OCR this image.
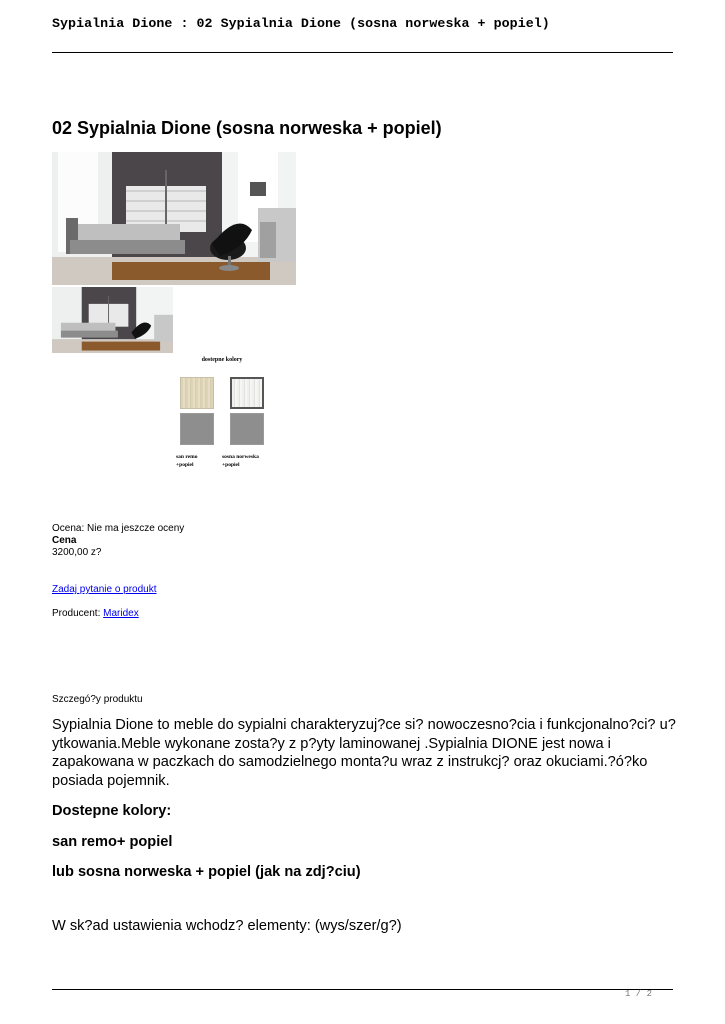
Sypialnia Dione : 02 Sypialnia Dione (sosna norweska + popiel)
02 Sypialnia Dione (sosna norweska + popiel)
dostepne kolory
san remo
+popiel
sosna norweska
+popiel
Ocena: Nie ma jeszcze oceny
Cena
3200,00 z?
Zadaj pytanie o produkt
Producent: Maridex
Szczegó?y produktu

Sypialnia Dione to meble do sypialni charakteryzuj?ce si? nowoczesno?cia i funkcjonalno?ci? u?ytkowania.Meble wykonane zosta?y z p?yty laminowanej .Sypialnia DIONE jest nowa i zapakowana w paczkach do samodzielnego monta?u wraz z instrukcj? oraz okuciami.?ó?ko posiada pojemnik.

Dostepne kolory:

san remo+ popiel

lub sosna norweska + popiel (jak na zdj?ciu)

W sk?ad ustawienia wchodz? elementy: (wys/szer/g?)

1 / 2
